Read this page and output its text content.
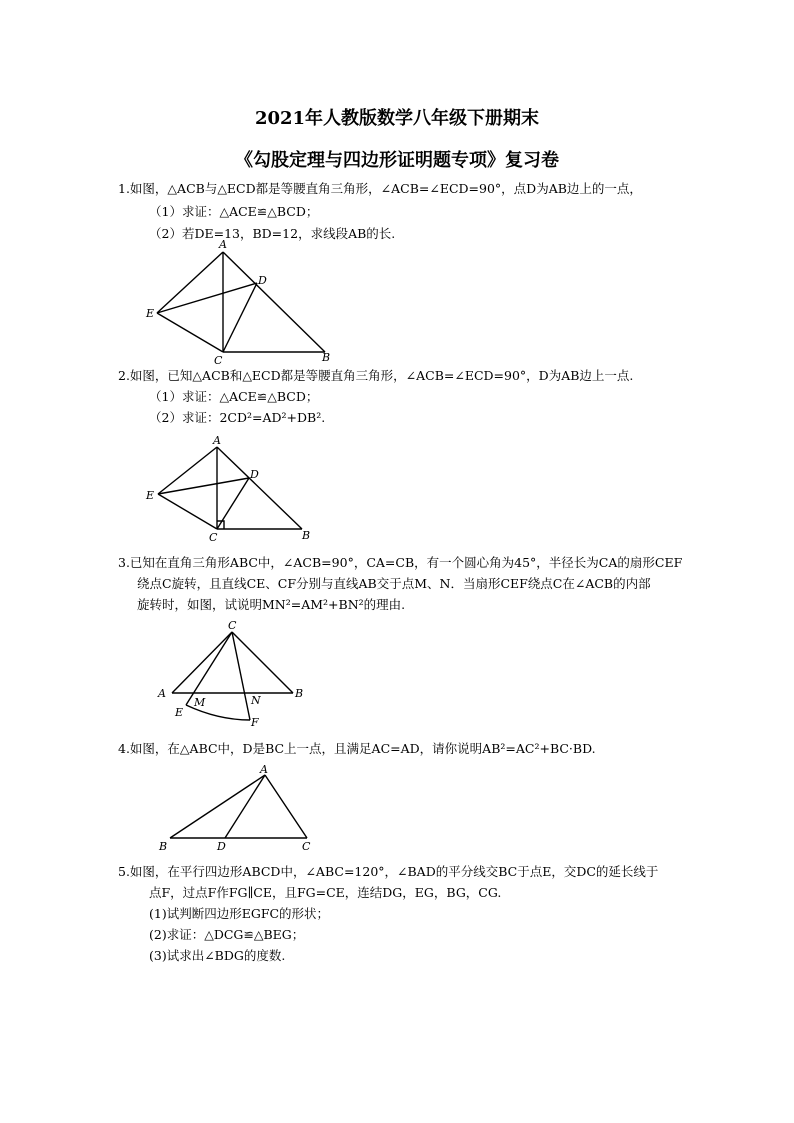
2021年人教版数学八年级下册期末
《勾股定理与四边形证明题专项》复习卷
1.如图，△ACB与△ECD都是等腰直角三角形，∠ACB=∠ECD=90°，点D为AB边上的一点，
（1）求证：△ACE≌△BCD；
（2）若DE=13，BD=12，求线段AB的长.
A
D
E
C	B
2.如图，已知△ACB和△ECD都是等腰直角三角形，∠ACB=∠ECD=90°，D为AB边上一点.
（1）求证：△ACE≌△BCD；
（2）求证：2CD²=AD²+DB².
A
D
E
C	B
3.已知在直角三角形ABC中，∠ACB=90°，CA=CB，有一个圆心角为45°，半径长为CA的扇形CEF
绕点C旋转，且直线CE、CF分别与直线AB交于点M、N．当扇形CEF绕点C在∠ACB的内部
旋转时，如图，试说明MN²=AM²+BN²的理由.
C
A
M	N
B
E
F
4.如图，在△ABC中，D是BC上一点，且满足AC=AD，请你说明AB²=AC²+BC·BD.
A
B	D	C
5.如图，在平行四边形ABCD中，∠ABC=120°，∠BAD的平分线交BC于点E，交DC的延长线于
点F，过点F作FG∥CE，且FG=CE，连结DG，EG，BG，CG.
(1)试判断四边形EGFC的形状；
(2)求证：△DCG≌△BEG；
(3)试求出∠BDG的度数.
